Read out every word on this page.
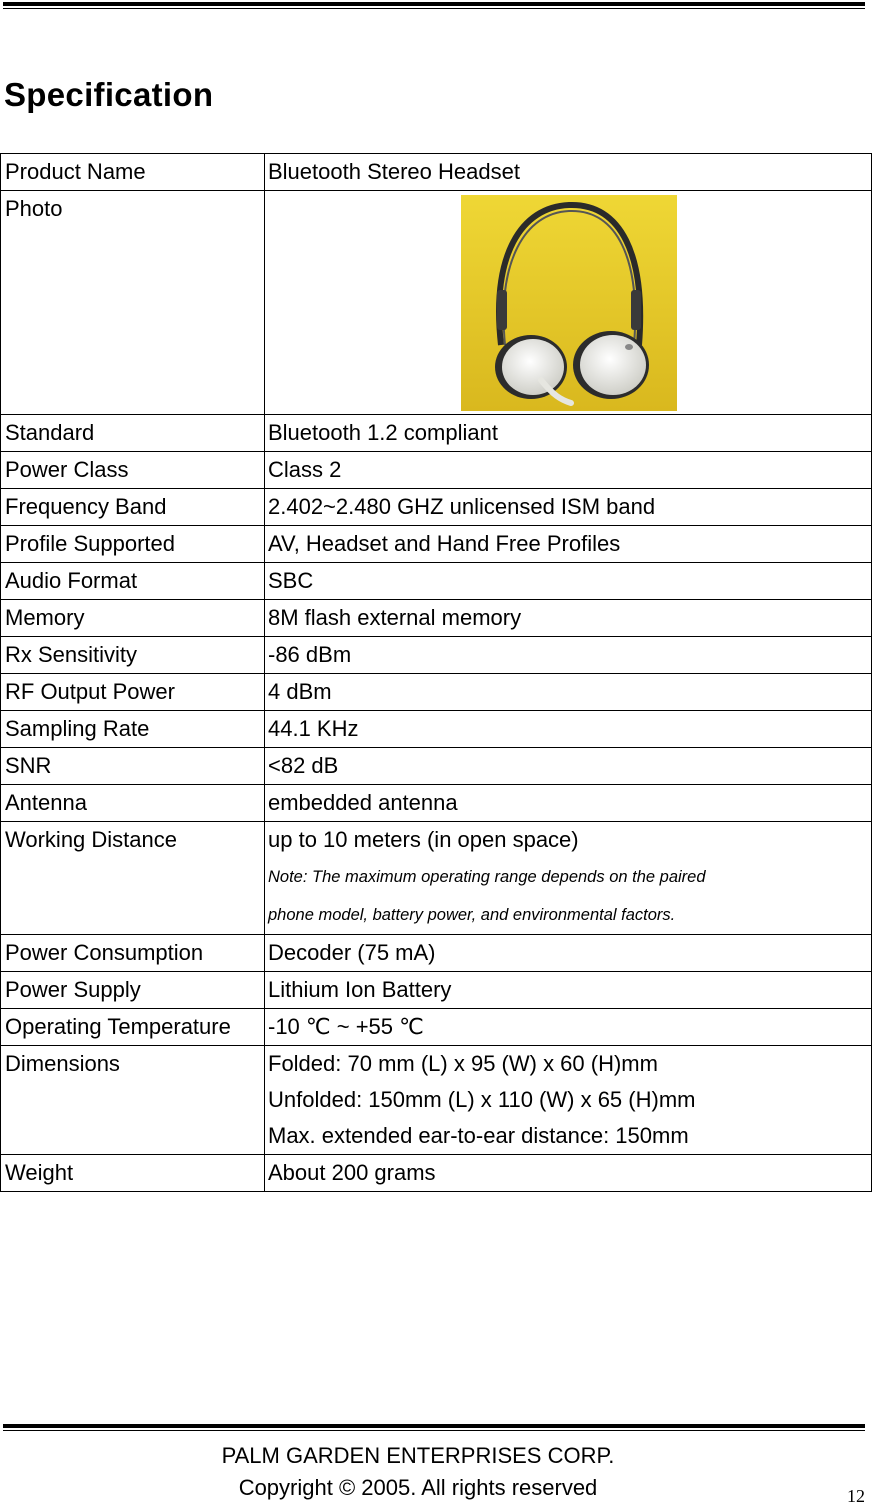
Specification
Product Name	Bluetooth Stereo Headset
Photo	

Standard	Bluetooth 1.2 compliant
Power Class	Class 2
Frequency Band	2.402~2.480 GHZ unlicensed ISM band
Profile Supported	AV, Headset and Hand Free Profiles
Audio Format	SBC
Memory	8M flash external memory
Rx Sensitivity	-86 dBm
RF Output Power	4 dBm
Sampling Rate	44.1 KHz
SNR	<82 dB
Antenna	embedded antenna
Working Distance	up to 10 meters (in open space)
Note: The maximum operating range depends on the paired
phone model, battery power, and environmental factors.

Power Consumption	Decoder (75 mA)
Power Supply	Lithium Ion Battery
Operating Temperature	-10 ℃ ~ +55 ℃
Dimensions	Folded: 70 mm (L) x 95 (W) x 60 (H)mm
Unfolded: 150mm (L) x 110 (W) x 65 (H)mm
Max. extended ear-to-ear distance: 150mm

Weight	About 200 grams
PALM GARDEN ENTERPRISES CORP.
Copyright © 2005. All rights reserved	12
